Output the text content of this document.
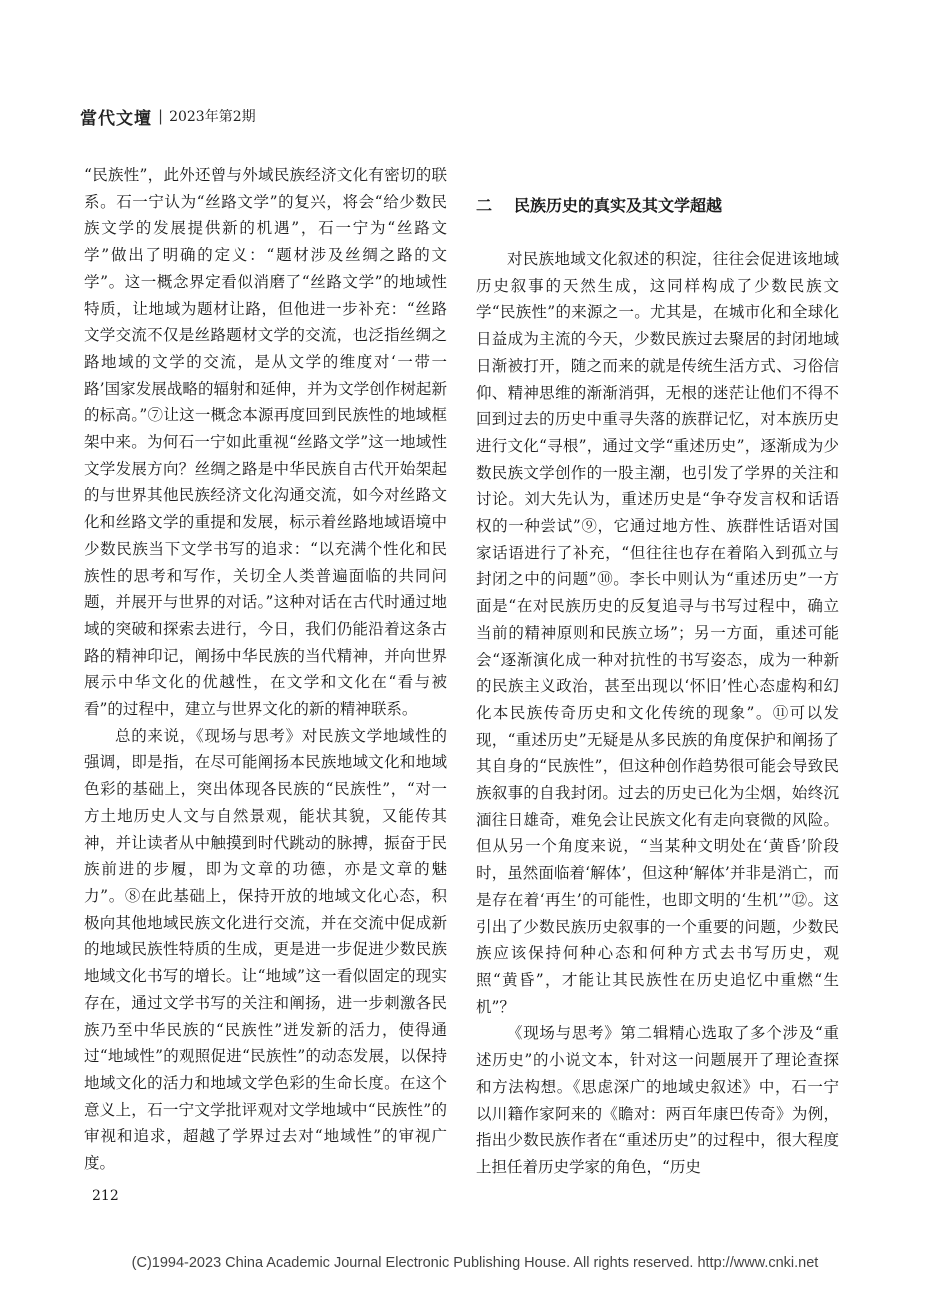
當代文壇 | 2023年第2期

“民族性”，此外还曾与外域民族经济文化有密切的联系。石一宁认为“丝路文学”的复兴，将会“给少数民族文学的发展提供新的机遇”，石一宁为“丝路文学”做出了明确的定义：“题材涉及丝绸之路的文学”。这一概念界定看似消磨了“丝路文学”的地域性特质，让地域为题材让路，但他进一步补充：“丝路文学交流不仅是丝路题材文学的交流，也泛指丝绸之路地域的文学的交流，是从文学的维度对‘一带一路’国家发展战略的辐射和延伸，并为文学创作树起新的标高。”⑦让这一概念本源再度回到民族性的地域框架中来。为何石一宁如此重视“丝路文学”这一地域性文学发展方向？丝绸之路是中华民族自古代开始架起的与世界其他民族经济文化沟通交流，如今对丝路文化和丝路文学的重提和发展，标示着丝路地域语境中少数民族当下文学书写的追求：“以充满个性化和民族性的思考和写作，关切全人类普遍面临的共同问题，并展开与世界的对话。”这种对话在古代时通过地域的突破和探索去进行，今日，我们仍能沿着这条古路的精神印记，阐扬中华民族的当代精神，并向世界展示中华文化的优越性，在文学和文化在“看与被看”的过程中，建立与世界文化的新的精神联系。

总的来说，《现场与思考》对民族文学地域性的强调，即是指，在尽可能阐扬本民族地域文化和地域色彩的基础上，突出体现各民族的“民族性”，“对一方土地历史人文与自然景观，能状其貌，又能传其神，并让读者从中触摸到时代跳动的脉搏，振奋于民族前进的步履，即为文章的功德，亦是文章的魅力”。⑧在此基础上，保持开放的地域文化心态，积极向其他地域民族文化进行交流，并在交流中促成新的地域民族性特质的生成，更是进一步促进少数民族地域文化书写的增长。让“地域”这一看似固定的现实存在，通过文学书写的关注和阐扬，进一步刺激各民族乃至中华民族的“民族性”迸发新的活力，使得通过“地域性”的观照促进“民族性”的动态发展，以保持地域文化的活力和地域文学色彩的生命长度。在这个意义上，石一宁文学批评观对文学地域中“民族性”的审视和追求，超越了学界过去对“地域性”的审视广度。

二 民族历史的真实及其文学超越

对民族地域文化叙述的积淀，往往会促进该地域历史叙事的天然生成，这同样构成了少数民族文学“民族性”的来源之一。尤其是，在城市化和全球化日益成为主流的今天，少数民族过去聚居的封闭地域日渐被打开，随之而来的就是传统生活方式、习俗信仰、精神思维的渐渐消弭，无根的迷茫让他们不得不回到过去的历史中重寻失落的族群记忆，对本族历史进行文化“寻根”，通过文学“重述历史”，逐渐成为少数民族文学创作的一股主潮，也引发了学界的关注和讨论。刘大先认为，重述历史是“争夺发言权和话语权的一种尝试”⑨，它通过地方性、族群性话语对国家话语进行了补充，“但往往也存在着陷入到孤立与封闭之中的问题”⑩。李长中则认为“重述历史”一方面是“在对民族历史的反复追寻与书写过程中，确立当前的精神原则和民族立场”；另一方面，重述可能会“逐渐演化成一种对抗性的书写姿态，成为一种新的民族主义政治，甚至出现以‘怀旧’性心态虚构和幻化本民族传奇历史和文化传统的现象”。⑪可以发现，“重述历史”无疑是从多民族的角度保护和阐扬了其自身的“民族性”，但这种创作趋势很可能会导致民族叙事的自我封闭。过去的历史已化为尘烟，始终沉湎往日雄奇，难免会让民族文化有走向衰微的风险。但从另一个角度来说，“当某种文明处在‘黄昏’阶段时，虽然面临着‘解体’，但这种‘解体’并非是消亡，而是存在着‘再生’的可能性，也即文明的‘生机’”⑫。这引出了少数民族历史叙事的一个重要的问题，少数民族应该保持何种心态和何种方式去书写历史，观照“黄昏”，才能让其民族性在历史追忆中重燃“生机”？

《现场与思考》第二辑精心选取了多个涉及“重述历史”的小说文本，针对这一问题展开了理论查探和方法构想。《思虑深广的地域史叙述》中，石一宁以川籍作家阿来的《瞻对：两百年康巴传奇》为例，指出少数民族作者在“重述历史”的过程中，很大程度上担任着历史学家的角色，“历史

212
(C)1994-2023 China Academic Journal Electronic Publishing House. All rights reserved. http://www.cnki.net
